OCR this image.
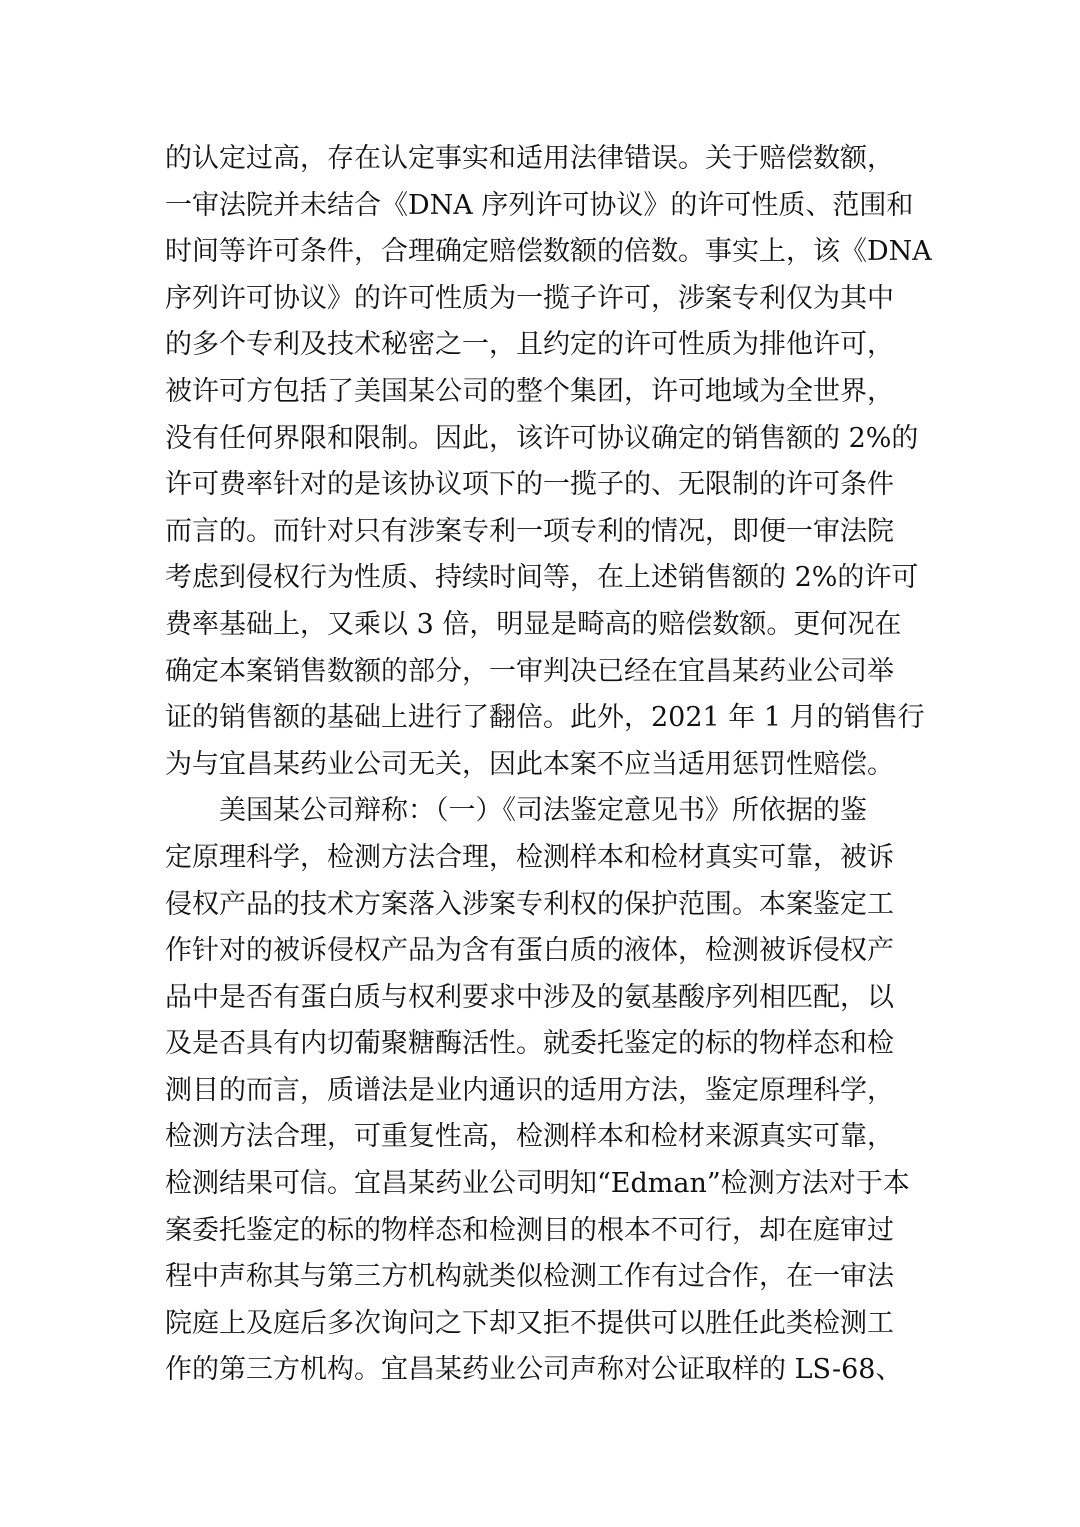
的认定过高，存在认定事实和适用法律错误。关于赔偿数额，
一审法院并未结合《DNA 序列许可协议》的许可性质、范围和
时间等许可条件，合理确定赔偿数额的倍数。事实上，该《DNA
序列许可协议》的许可性质为一揽子许可，涉案专利仅为其中
的多个专利及技术秘密之一，且约定的许可性质为排他许可，
被许可方包括了美国某公司的整个集团，许可地域为全世界，
没有任何界限和限制。因此，该许可协议确定的销售额的 2%的
许可费率针对的是该协议项下的一揽子的、无限制的许可条件
而言的。而针对只有涉案专利一项专利的情况，即便一审法院
考虑到侵权行为性质、持续时间等，在上述销售额的 2%的许可
费率基础上，又乘以 3 倍，明显是畸高的赔偿数额。更何况在
确定本案销售数额的部分，一审判决已经在宜昌某药业公司举
证的销售额的基础上进行了翻倍。此外，2021 年 1 月的销售行
为与宜昌某药业公司无关，因此本案不应当适用惩罚性赔偿。
美国某公司辩称：（一）《司法鉴定意见书》所依据的鉴
定原理科学，检测方法合理，检测样本和检材真实可靠，被诉
侵权产品的技术方案落入涉案专利权的保护范围。本案鉴定工
作针对的被诉侵权产品为含有蛋白质的液体，检测被诉侵权产
品中是否有蛋白质与权利要求中涉及的氨基酸序列相匹配，以
及是否具有内切葡聚糖酶活性。就委托鉴定的标的物样态和检
测目的而言，质谱法是业内通识的适用方法，鉴定原理科学，
检测方法合理，可重复性高，检测样本和检材来源真实可靠，
检测结果可信。宜昌某药业公司明知“Edman”检测方法对于本
案委托鉴定的标的物样态和检测目的根本不可行，却在庭审过
程中声称其与第三方机构就类似检测工作有过合作，在一审法
院庭上及庭后多次询问之下却又拒不提供可以胜任此类检测工
作的第三方机构。宜昌某药业公司声称对公证取样的 LS-68、
